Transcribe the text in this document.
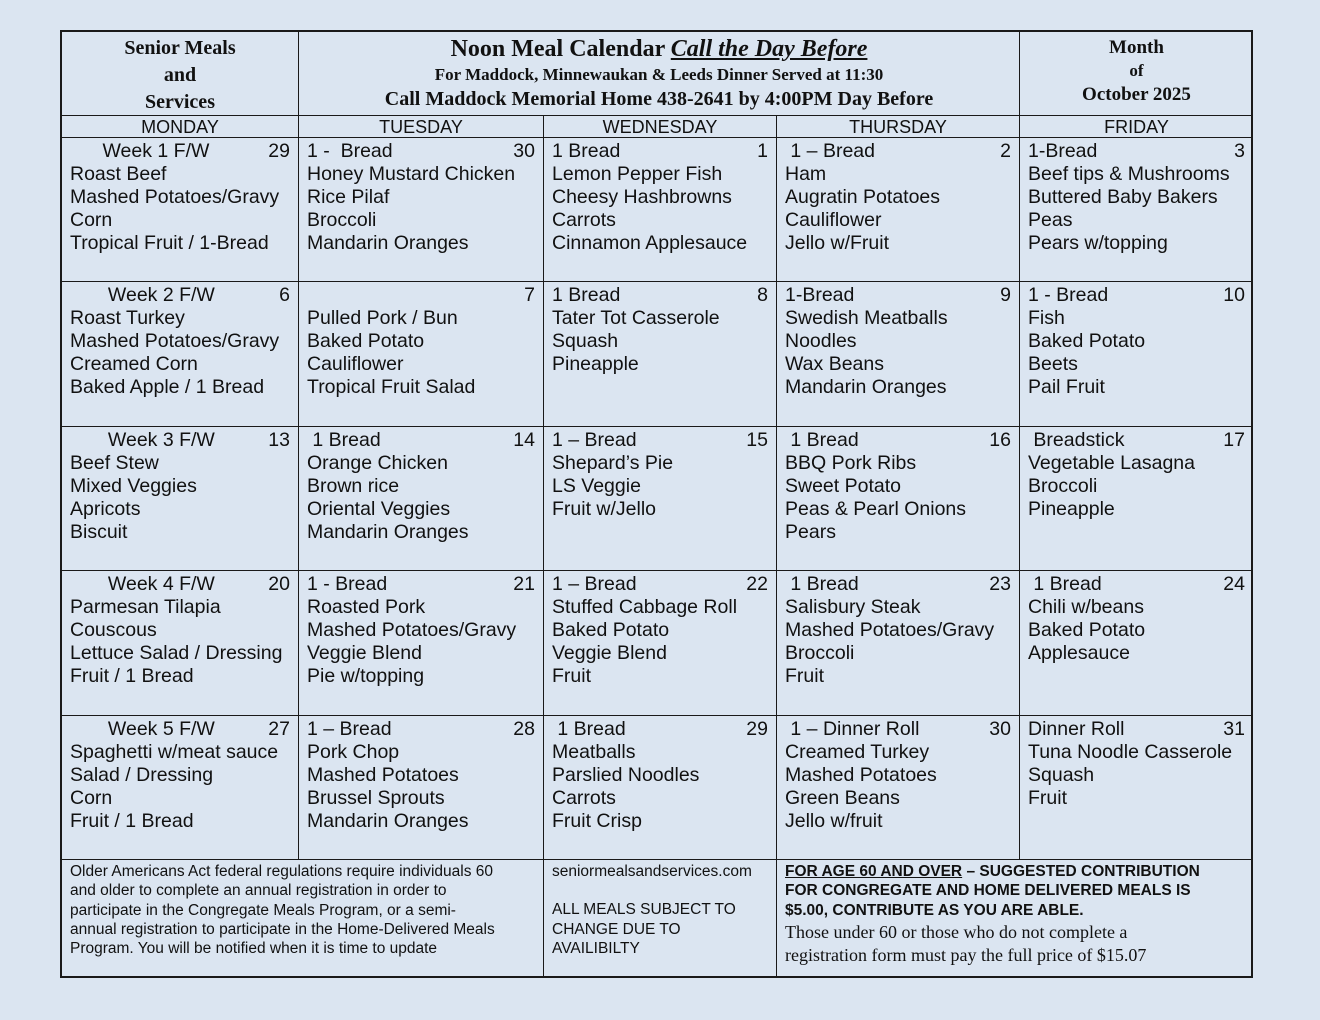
Senior Meals
and
Services
Noon Meal Calendar Call the Day Before
For Maddock, Minnewaukan & Leeds Dinner Served at 11:30
Call Maddock Memorial Home 438-2641 by 4:00PM Day Before
Month
of
October 2025
MONDAY	TUESDAY	WEDNESDAY	THURSDAY	FRIDAY
Week 1 F/W	29
Roast Beef
Mashed Potatoes/Gravy
Corn
Tropical Fruit / 1-Bread
1 -  Bread	30
Honey Mustard Chicken
Rice Pilaf
Broccoli
Mandarin Oranges
1 Bread	1
Lemon Pepper Fish
Cheesy Hashbrowns
Carrots
Cinnamon Applesauce
1 – Bread	2
Ham
Augratin Potatoes
Cauliflower
Jello w/Fruit
1-Bread	3
Beef tips & Mushrooms
Buttered Baby Bakers
Peas
Pears w/topping
Week 2 F/W	6
Roast Turkey
Mashed Potatoes/Gravy
Creamed Corn
Baked Apple / 1 Bread
7
Pulled Pork / Bun
Baked Potato
Cauliflower
Tropical Fruit Salad
1 Bread	8
Tater Tot Casserole
Squash
Pineapple
1-Bread	9
Swedish Meatballs
Noodles
Wax Beans
Mandarin Oranges
1 - Bread	10
Fish
Baked Potato
Beets
Pail Fruit
Week 3 F/W	13
Beef Stew
Mixed Veggies
Apricots
Biscuit
1 Bread	14
Orange Chicken
Brown rice
Oriental Veggies
Mandarin Oranges
1 – Bread	15
Shepard’s Pie
LS Veggie
Fruit w/Jello
1 Bread	16
BBQ Pork Ribs
Sweet Potato
Peas & Pearl Onions
Pears
Breadstick	17
Vegetable Lasagna
Broccoli
Pineapple
Week 4 F/W	20
Parmesan Tilapia
Couscous
Lettuce Salad / Dressing
Fruit / 1 Bread
1 - Bread	21
Roasted Pork
Mashed Potatoes/Gravy
Veggie Blend
Pie w/topping
1 – Bread	22
Stuffed Cabbage Roll
Baked Potato
Veggie Blend
Fruit
1 Bread	23
Salisbury Steak
Mashed Potatoes/Gravy
Broccoli
Fruit
1 Bread	24
Chili w/beans
Baked Potato
Applesauce
Week 5 F/W	27
Spaghetti w/meat sauce
Salad / Dressing
Corn
Fruit / 1 Bread
1 – Bread	28
Pork Chop
Mashed Potatoes
Brussel Sprouts
Mandarin Oranges
1 Bread	29
Meatballs
Parslied Noodles
Carrots
Fruit Crisp
1 – Dinner Roll	30
Creamed Turkey
Mashed Potatoes
Green Beans
Jello w/fruit
Dinner Roll	31
Tuna Noodle Casserole
Squash
Fruit
Older Americans Act federal regulations require individuals 60
and older to complete an annual registration in order to
participate in the Congregate Meals Program, or a semi-
annual registration to participate in the Home-Delivered Meals
Program. You will be notified when it is time to update
seniormealsandservices.com
ALL MEALS SUBJECT TO
CHANGE DUE TO
AVAILIBILTY
FOR AGE 60 AND OVER – SUGGESTED CONTRIBUTION
FOR CONGREGATE AND HOME DELIVERED MEALS IS
$5.00, CONTRIBUTE AS YOU ARE ABLE.
Those under 60 or those who do not complete a
registration form must pay the full price of $15.07
